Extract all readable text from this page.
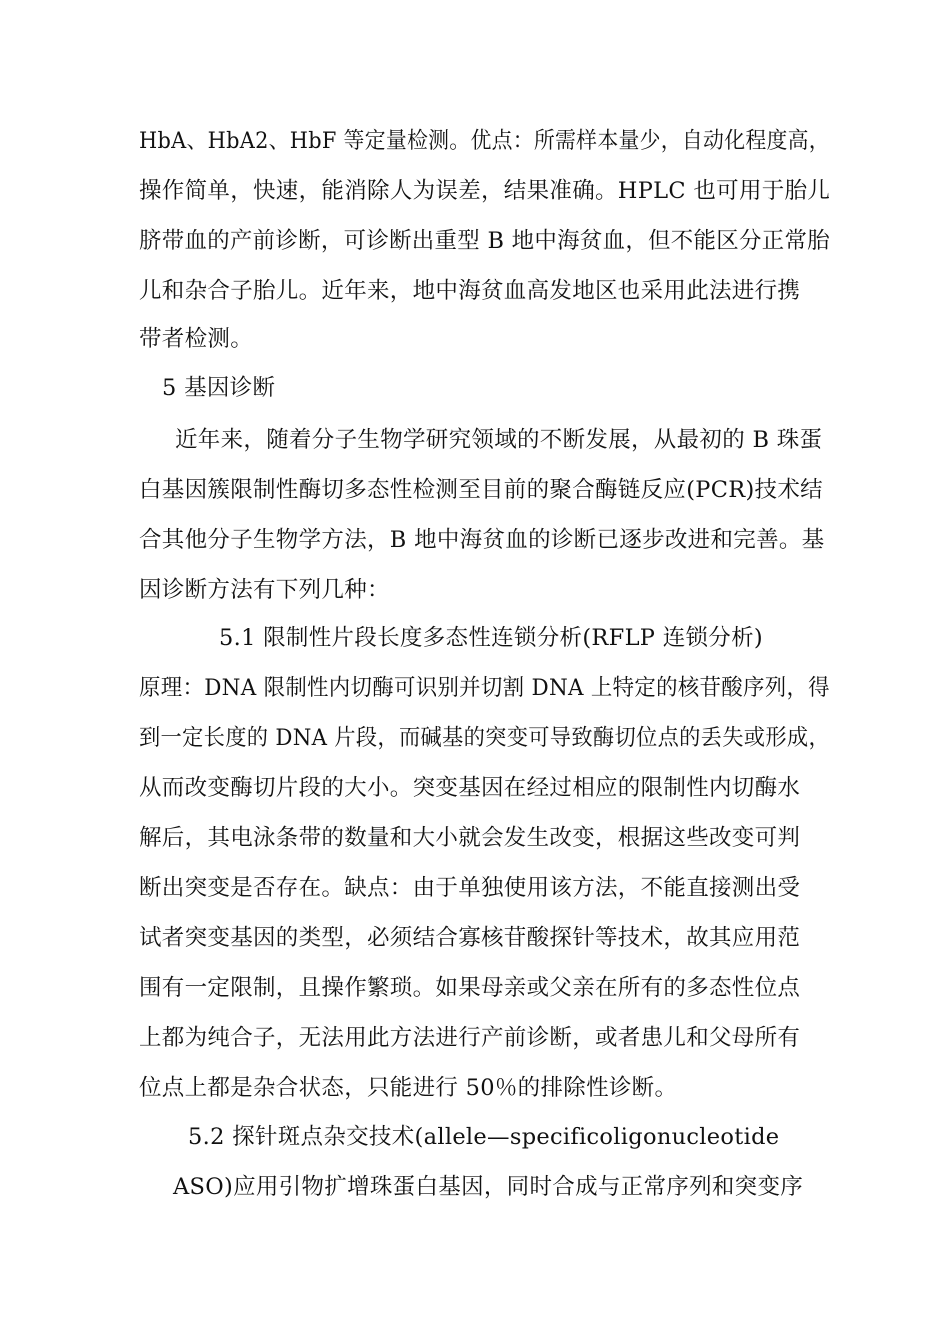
HbA、HbA2、HbF 等定量检测。优点：所需样本量少，自动化程度高，
操作简单，快速，能消除人为误差，结果准确。HPLC 也可用于胎儿
脐带血的产前诊断，可诊断出重型 B 地中海贫血，但不能区分正常胎
儿和杂合子胎儿。近年来，地中海贫血高发地区也采用此法进行携
带者检测。
5 基因诊断
近年来，随着分子生物学研究领域的不断发展，从最初的 B 珠蛋
白基因簇限制性酶切多态性检测至目前的聚合酶链反应(PCR)技术结
合其他分子生物学方法，B 地中海贫血的诊断已逐步改进和完善。基
因诊断方法有下列几种：
5.1 限制性片段长度多态性连锁分析(RFLP 连锁分析)
原理：DNA 限制性内切酶可识别并切割 DNA 上特定的核苷酸序列，得
到一定长度的 DNA 片段，而碱基的突变可导致酶切位点的丢失或形成，
从而改变酶切片段的大小。突变基因在经过相应的限制性内切酶水
解后，其电泳条带的数量和大小就会发生改变，根据这些改变可判
断出突变是否存在。缺点：由于单独使用该方法，不能直接测出受
试者突变基因的类型，必须结合寡核苷酸探针等技术，故其应用范
围有一定限制，且操作繁琐。如果母亲或父亲在所有的多态性位点
上都为纯合子，无法用此方法进行产前诊断，或者患儿和父母所有
位点上都是杂合状态，只能进行 50％的排除性诊断。
5.2 探针斑点杂交技术(allele—specificoligonucleotide
ASO)应用引物扩增珠蛋白基因，同时合成与正常序列和突变序
